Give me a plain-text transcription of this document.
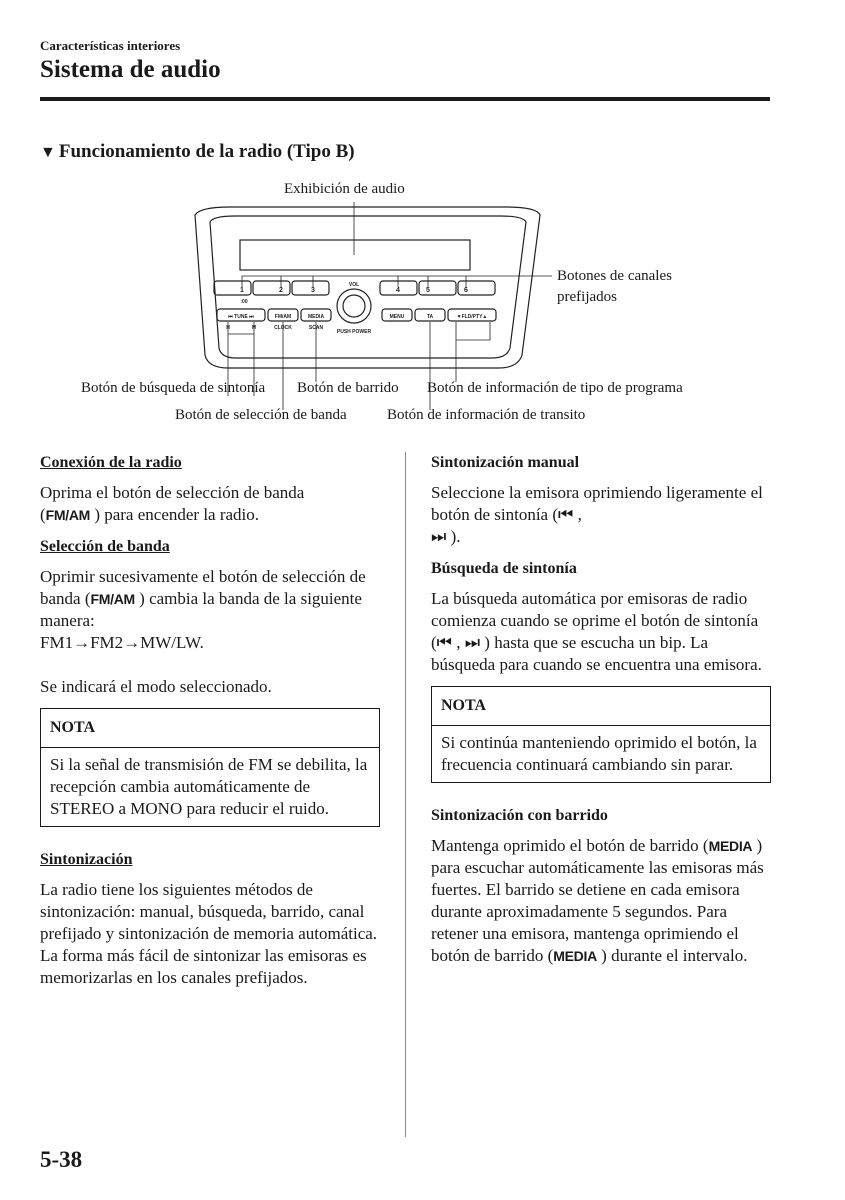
Características interiores
Sistema de audio
▼ Funcionamiento de la radio (Tipo B)
1	2	3	4	5	6
:00
VOL
PUSH POWER
⏮ TUNE ⏭
H	M
FM/AM
CLOCK
MEDIA
SCAN
MENU	TA	▼FLD/PTY▲
Exhibición de audio
Botones de canales
prefijados
Botón de búsqueda de sintonía Botón de barrido Botón de información de tipo de programa
Botón de selección de banda	Botón de información de transito
Conexión de la radio
Oprima el botón de selección de banda
(FM/AM ) para encender la radio.
Selección de banda
Oprimir sucesivamente el botón de selección de banda (FM/AM ) cambia la banda de la siguiente manera:
FM1→FM2→MW/LW.
Se indicará el modo seleccionado.
NOTA
Si la señal de transmisión de FM se debilita, la recepción cambia automáticamente de STEREO a MONO para reducir el ruido.
Sintonización
La radio tiene los siguientes métodos de sintonización: manual, búsqueda, barrido, canal prefijado y sintonización de memoria automática. La forma más fácil de sintonizar las emisoras es memorizarlas en los canales prefijados.
Sintonización manual
Seleccione la emisora oprimiendo ligeramente el botón de sintonía (⏮ ,
⏭ ).
Búsqueda de sintonía
La búsqueda automática por emisoras de radio comienza cuando se oprime el botón de sintonía (⏮ , ⏭ ) hasta que se escucha un bip. La búsqueda para cuando se encuentra una emisora.
NOTA
Si continúa manteniendo oprimido el botón, la frecuencia continuará cambiando sin parar.
Sintonización con barrido
Mantenga oprimido el botón de barrido (MEDIA ) para escuchar automáticamente las emisoras más fuertes. El barrido se detiene en cada emisora durante aproximadamente 5 segundos. Para retener una emisora, mantenga oprimiendo el botón de barrido (MEDIA ) durante el intervalo.
5-38
